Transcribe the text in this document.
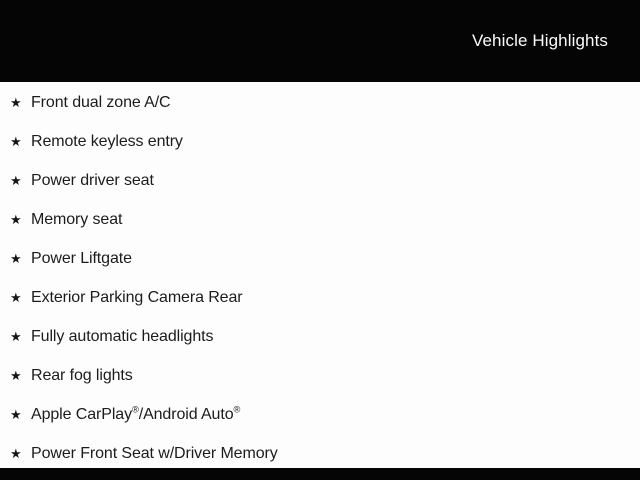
Vehicle Highlights
★ Front dual zone A/C
★ Remote keyless entry
★ Power driver seat
★ Memory seat
★ Power Liftgate
★ Exterior Parking Camera Rear
★ Fully automatic headlights
★ Rear fog lights
★ Apple CarPlay®/Android Auto®
★ Power Front Seat w/Driver Memory
